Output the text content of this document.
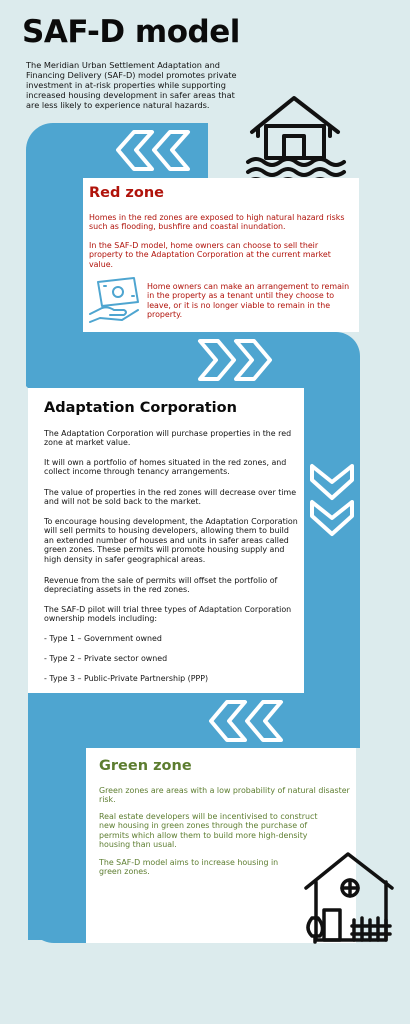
SAF-D model
The Meridian Urban Settlement Adaptation and Financing Delivery (SAF-D) model promotes private investment in at-risk properties while supporting increased housing development in safer areas that are less likely to experience natural hazards.
Red zone
Homes in the red zones are exposed to high natural hazard risks such as flooding, bushfire and coastal inundation.
In the SAF-D model, home owners can choose to sell their property to the Adaptation Corporation at the current market value.
Home owners can make an arrangement to remain in the property as a tenant until they choose to leave, or it is no longer viable to remain in the property.
Adaptation Corporation
The Adaptation Corporation will purchase properties in the red zone at market value.
It will own a portfolio of homes situated in the red zones, and collect income through tenancy arrangements.
The value of properties in the red zones will decrease over time and will not be sold back to the market.
To encourage housing development, the Adaptation Corporation will sell permits to housing developers, allowing them to build an extended number of houses and units in safer areas called green zones. These permits will promote housing supply and high density in safer geographical areas.
Revenue from the sale of permits will offset the portfolio of depreciating assets in the red zones.
The SAF-D pilot will trial three types of Adaptation Corporation ownership models including:
- Type 1 – Government owned
- Type 2 – Private sector owned
- Type 3 – Public-Private Partnership (PPP)
Green zone
Green zones are areas with a low probability of natural disaster risk.
Real estate developers will be incentivised to construct new housing in green zones through the purchase of permits which allow them to build more high-density housing than usual.
The SAF-D model aims to increase housing in green zones.
